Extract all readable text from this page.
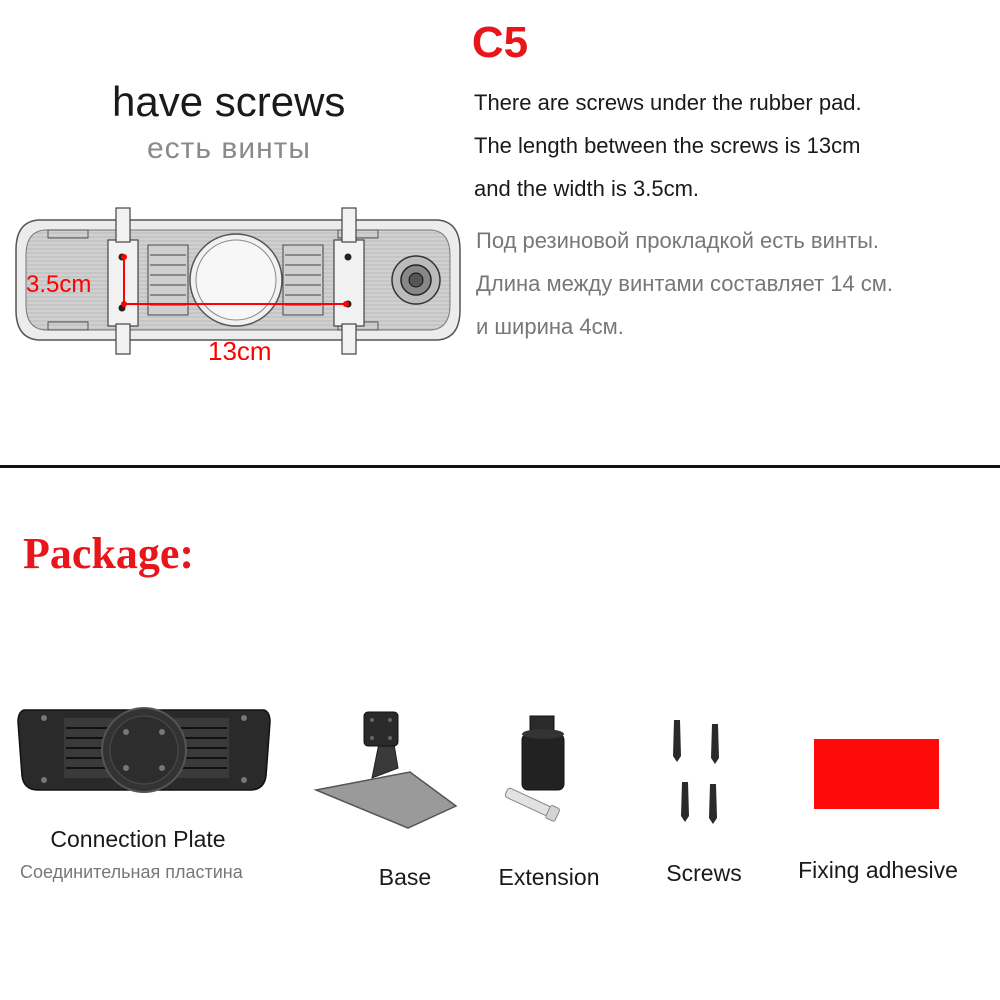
C5
have screws
есть винты
There are screws under the rubber pad.
The length between the screws is 13cm
and the width is 3.5cm.
Под резиновой прокладкой есть винты.
Длина между винтами составляет 14 см.
и ширина 4см.
3.5cm
13cm
Package:
Connection Plate
Соединительная пластина	Base	Extension	Screws	Fixing adhesive
